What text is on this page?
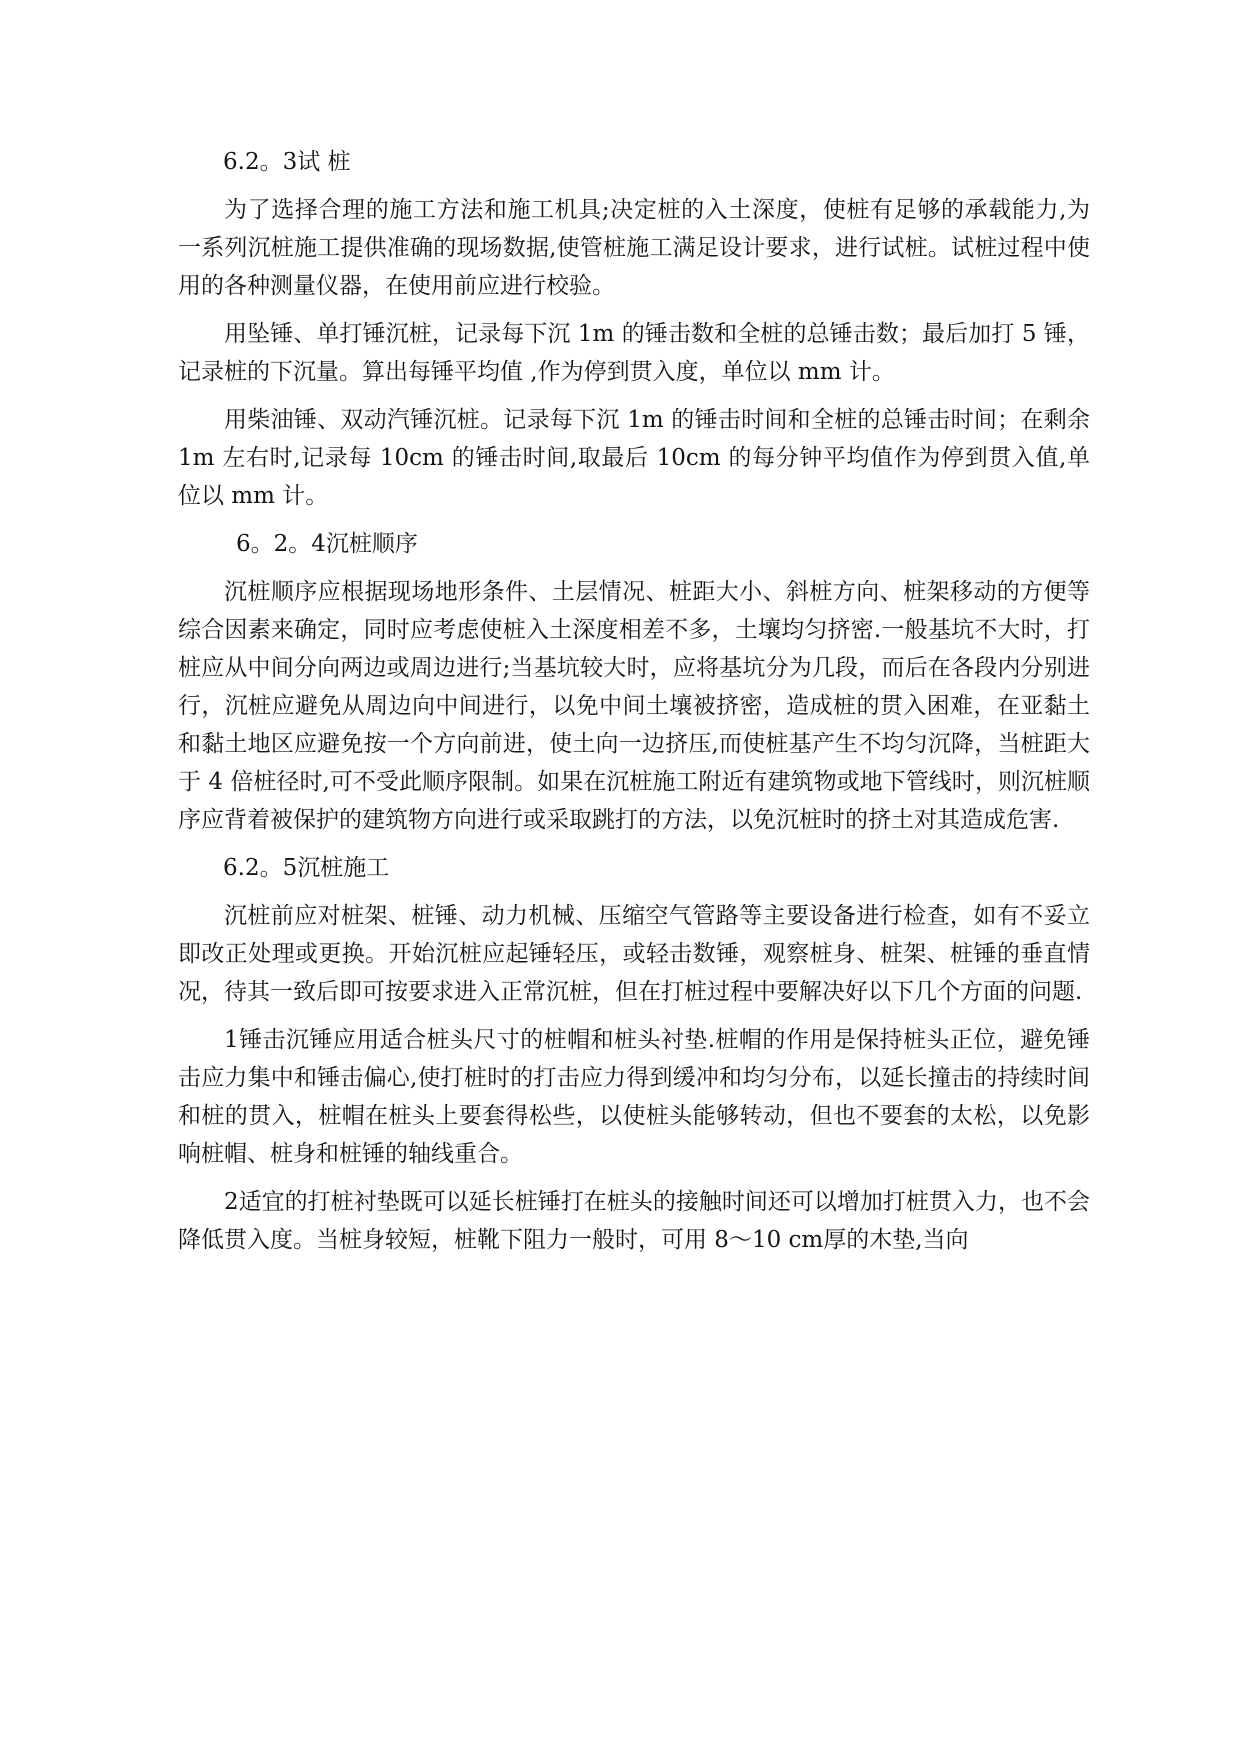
6.2。3试 桩

为了选择合理的施工方法和施工机具;决定桩的入土深度，使桩有足够的承载能力,为一系列沉桩施工提供准确的现场数据,使管桩施工满足设计要求，进行试桩。试桩过程中使用的各种测量仪器，在使用前应进行校验。

用坠锤、单打锤沉桩，记录每下沉 1m 的锤击数和全桩的总锤击数；最后加打 5 锤，记录桩的下沉量。算出每锤平均值 ,作为停到贯入度，单位以 mm 计。

用柴油锤、双动汽锤沉桩。记录每下沉 1m 的锤击时间和全桩的总锤击时间；在剩余 1m 左右时,记录每 10cm 的锤击时间,取最后 10cm 的每分钟平均值作为停到贯入值,单位以 mm 计。

6。2。4沉桩顺序

沉桩顺序应根据现场地形条件、土层情况、桩距大小、斜桩方向、桩架移动的方便等综合因素来确定，同时应考虑使桩入土深度相差不多，土壤均匀挤密.一般基坑不大时，打桩应从中间分向两边或周边进行;当基坑较大时，应将基坑分为几段，而后在各段内分别进行，沉桩应避免从周边向中间进行，以免中间土壤被挤密，造成桩的贯入困难，在亚黏土和黏土地区应避免按一个方向前进，使土向一边挤压,而使桩基产生不均匀沉降，当桩距大于 4 倍桩径时,可不受此顺序限制。如果在沉桩施工附近有建筑物或地下管线时，则沉桩顺序应背着被保护的建筑物方向进行或采取跳打的方法，以免沉桩时的挤土对其造成危害.

6.2。5沉桩施工

沉桩前应对桩架、桩锤、动力机械、压缩空气管路等主要设备进行检查，如有不妥立即改正处理或更换。开始沉桩应起锤轻压，或轻击数锤，观察桩身、桩架、桩锤的垂直情况，待其一致后即可按要求进入正常沉桩，但在打桩过程中要解决好以下几个方面的问题.

1锤击沉锤应用适合桩头尺寸的桩帽和桩头衬垫.桩帽的作用是保持桩头正位，避免锤击应力集中和锤击偏心,使打桩时的打击应力得到缓冲和均匀分布，以延长撞击的持续时间和桩的贯入，桩帽在桩头上要套得松些，以使桩头能够转动，但也不要套的太松，以免影响桩帽、桩身和桩锤的轴线重合。

2适宜的打桩衬垫既可以延长桩锤打在桩头的接触时间还可以增加打桩贯入力，也不会降低贯入度。当桩身较短，桩靴下阻力一般时，可用 8～10 cm厚的木垫,当向
